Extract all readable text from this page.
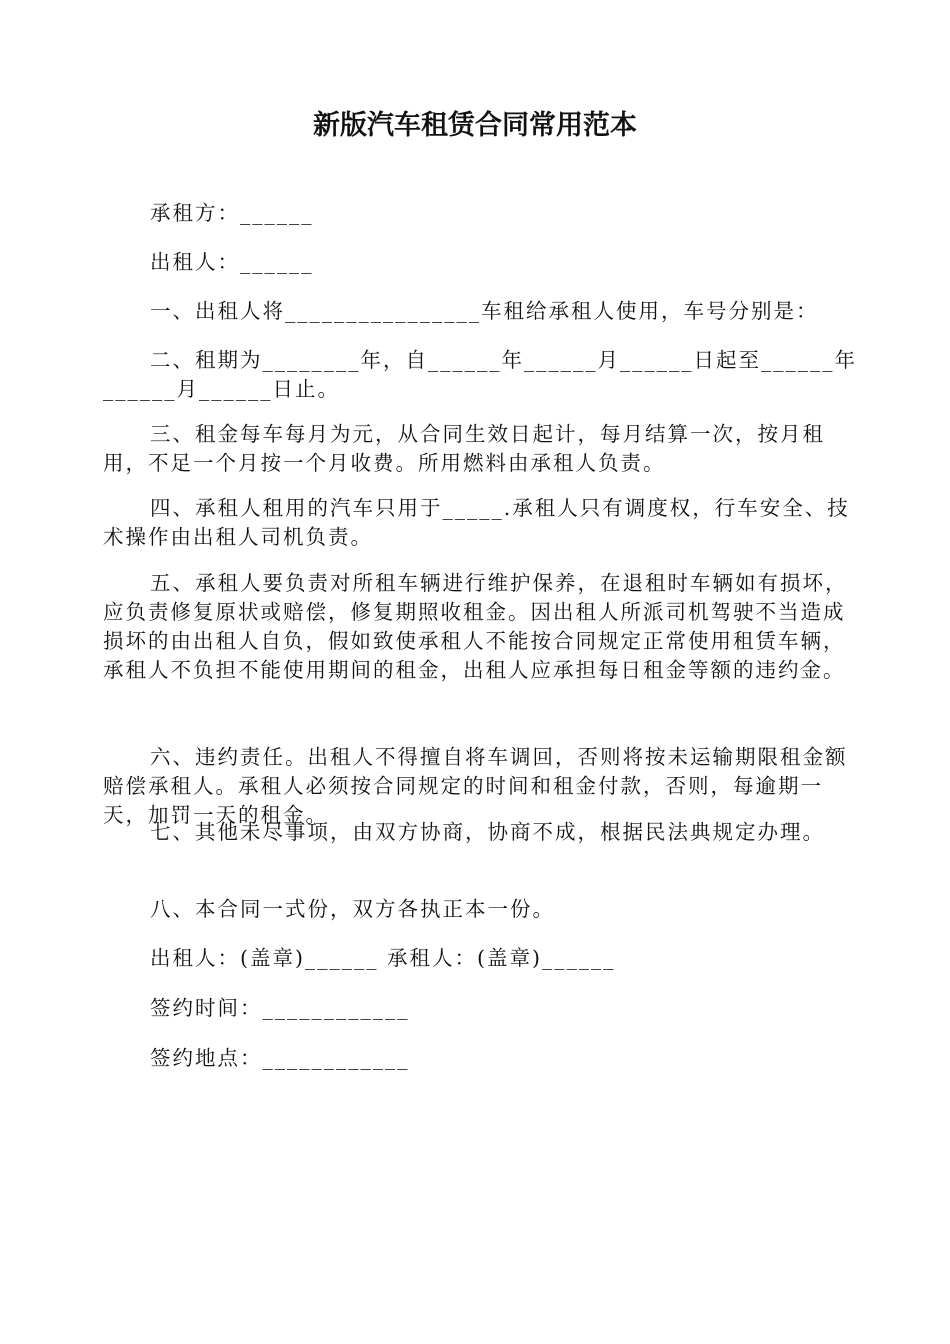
新版汽车租赁合同常用范本
承租方：______
出租人：______
一、出租人将________________车租给承租人使用，车号分别是：
二、租期为________年，自______年______月______日起至______年______月______日止。
三、租金每车每月为元，从合同生效日起计，每月结算一次，按月租用，不足一个月按一个月收费。所用燃料由承租人负责。
四、承租人租用的汽车只用于_____.承租人只有调度权，行车安全、技术操作由出租人司机负责。
五、承租人要负责对所租车辆进行维护保养，在退租时车辆如有损坏，应负责修复原状或赔偿，修复期照收租金。因出租人所派司机驾驶不当造成损坏的由出租人自负，假如致使承租人不能按合同规定正常使用租赁车辆，承租人不负担不能使用期间的租金，出租人应承担每日租金等额的违约金。
六、违约责任。出租人不得擅自将车调回，否则将按未运输期限租金额赔偿承租人。承租人必须按合同规定的时间和租金付款，否则，每逾期一天，加罚一天的租金。
七、其他未尽事项，由双方协商，协商不成，根据民法典规定办理。
八、本合同一式份，双方各执正本一份。
出租人：(盖章)______ 承租人：(盖章)______
签约时间：____________
签约地点：____________
